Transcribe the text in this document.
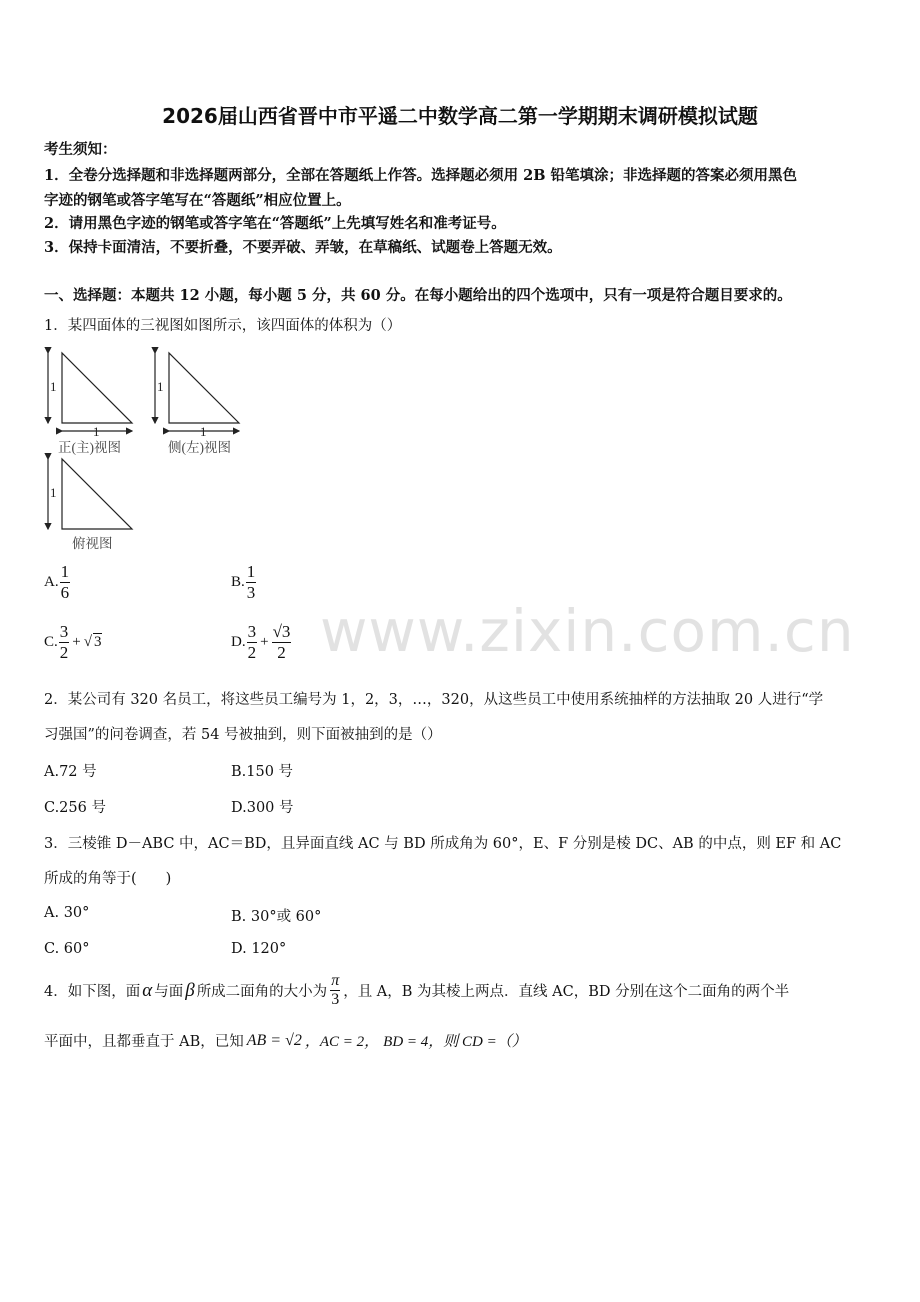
2026届山西省晋中市平遥二中数学高二第一学期期末调研模拟试题
考生须知：
1．全卷分选择题和非选择题两部分，全部在答题纸上作答。选择题必须用 2B 铅笔填涂；非选择题的答案必须用黑色
字迹的钢笔或答字笔写在“答题纸”相应位置上。
2．请用黑色字迹的钢笔或答字笔在“答题纸”上先填写姓名和准考证号。
3．保持卡面清洁，不要折叠，不要弄破、弄皱，在草稿纸、试题卷上答题无效。
一、选择题：本题共 12 小题，每小题 5 分，共 60 分。在每小题给出的四个选项中，只有一项是符合题目要求的。
1．某四面体的三视图如图所示，该四面体的体积为（）
1
1
正(主)视图
1
1
侧(左)视图
1
俯视图
A. $\frac{1}{6}$	B. $\frac{1}{3}$
C. $\frac{3}{2}$ + √ 3	D. $\frac{3}{2} + \frac{√3}{2}$ www.zixin.com.cn
2．某公司有 320 名员工，将这些员工编号为 1，2，3，…，320，从这些员工中使用系统抽样的方法抽取 20 人进行“学
习强国”的问卷调查，若 54 号被抽到，则下面被抽到的是（）
A.72 号	B.150 号
C.256 号	D.300 号
3．三棱锥 D－ABC 中，AC＝BD，且异面直线 AC 与 BD 所成角为 60°，E、F 分别是棱 DC、AB 的中点，则 EF 和 AC
所成的角等于(　　)
A. 30°	B. 30°或 60°
C. 60°	D. 120°
4．如下图，面 α 与面 β 所成二面角的大小为 $\frac{\pi}{3}$ ，且 A，B 为其棱上两点．直线 AC，BD 分别在这个二面角的两个半
平面中，且都垂直于 AB，已知 AB = √2 ，AC = 2， BD = 4，则 CD =（）
